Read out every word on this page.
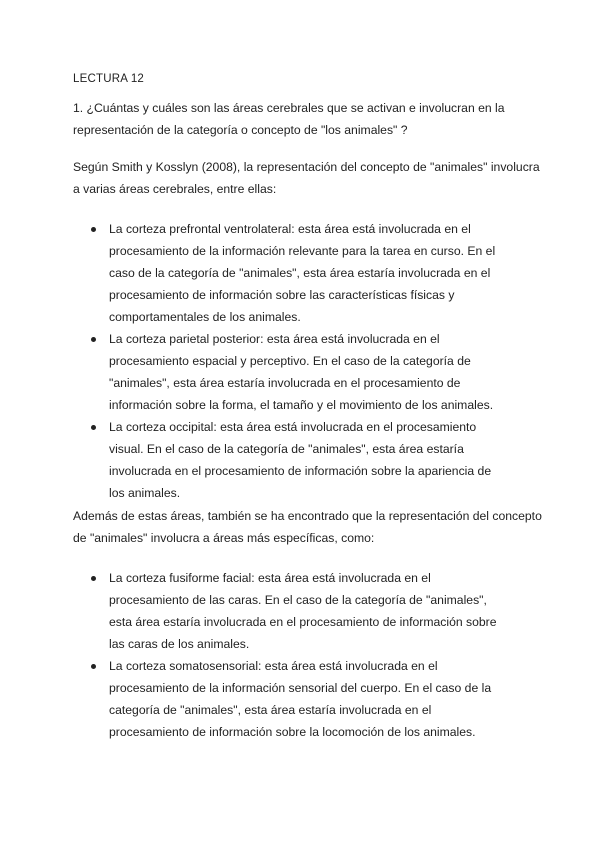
LECTURA 12
1. ¿Cuántas y cuáles son las áreas cerebrales que se activan e involucran en la representación de la categoría o concepto de "los animales" ?
Según Smith y Kosslyn (2008), la representación del concepto de "animales" involucra a varias áreas cerebrales, entre ellas:
La corteza prefrontal ventrolateral: esta área está involucrada en el procesamiento de la información relevante para la tarea en curso. En el caso de la categoría de "animales", esta área estaría involucrada en el procesamiento de información sobre las características físicas y comportamentales de los animales.
La corteza parietal posterior: esta área está involucrada en el procesamiento espacial y perceptivo. En el caso de la categoría de "animales", esta área estaría involucrada en el procesamiento de información sobre la forma, el tamaño y el movimiento de los animales.
La corteza occipital: esta área está involucrada en el procesamiento visual. En el caso de la categoría de "animales", esta área estaría involucrada en el procesamiento de información sobre la apariencia de los animales.
Además de estas áreas, también se ha encontrado que la representación del concepto de "animales" involucra a áreas más específicas, como:
La corteza fusiforme facial: esta área está involucrada en el procesamiento de las caras. En el caso de la categoría de "animales", esta área estaría involucrada en el procesamiento de información sobre las caras de los animales.
La corteza somatosensorial: esta área está involucrada en el procesamiento de la información sensorial del cuerpo. En el caso de la categoría de "animales", esta área estaría involucrada en el procesamiento de información sobre la locomoción de los animales.
